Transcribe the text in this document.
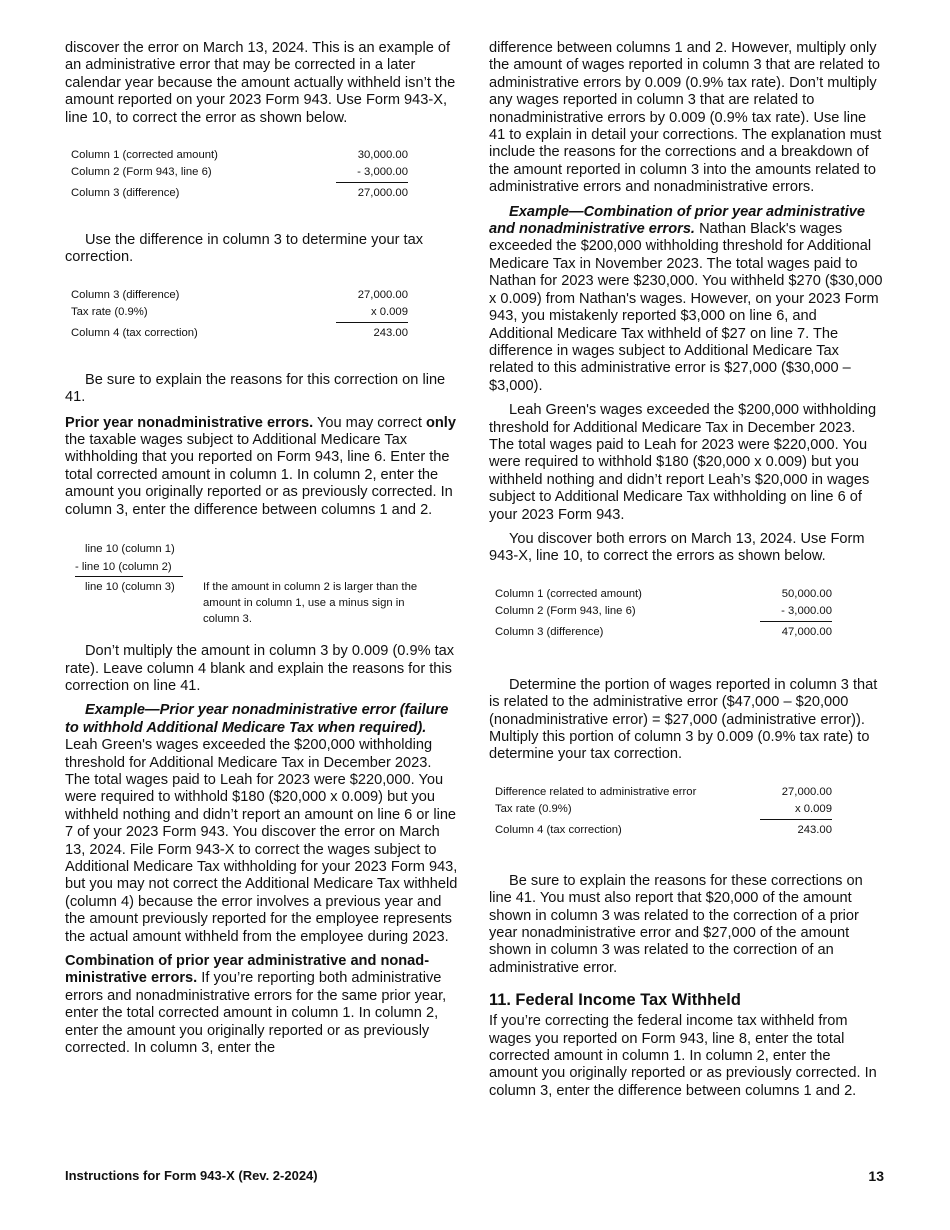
discover the error on March 13, 2024. This is an example of an administrative error that may be corrected in a later calendar year because the amount actually withheld isn’t the amount reported on your 2023 Form 943. Use Form 943-X, line 10, to correct the error as shown below.

Column 1 (corrected amount)	30,000.00
Column 2 (Form 943, line 6)	- 3,000.00
Column 3 (difference)	27,000.00

Use the difference in column 3 to determine your tax correction.

Column 3 (difference)	27,000.00
Tax rate (0.9%)	x 0.009
Column 4 (tax correction)	243.00

Be sure to explain the reasons for this correction on line 41.

Prior year nonadministrative errors. You may correct only the taxable wages subject to Additional Medicare Tax withholding that you reported on Form 943, line 6. Enter the total corrected amount in column 1. In column 2, enter the amount you originally reported or as previously corrected. In column 3, enter the difference between columns 1 and 2.

line 10 (column 1)
- line 10 (column 2)
line 10 (column 3) If the amount in column 2 is larger than the amount in column 1, use a minus sign in column 3.

Don’t multiply the amount in column 3 by 0.009 (0.9% tax rate). Leave column 4 blank and explain the reasons for this correction on line 41.

Example—Prior year nonadministrative error (failure to withhold Additional Medicare Tax when required). Leah Green's wages exceeded the $200,000 withholding threshold for Additional Medicare Tax in December 2023. The total wages paid to Leah for 2023 were $220,000. You were required to withhold $180 ($20,000 x 0.009) but you withheld nothing and didn’t report an amount on line 6 or line 7 of your 2023 Form 943. You discover the error on March 13, 2024. File Form 943-X to correct the wages subject to Additional Medicare Tax withholding for your 2023 Form 943, but you may not correct the Additional Medicare Tax withheld (column 4) because the error involves a previous year and the amount previously reported for the employee represents the actual amount withheld from the employee during 2023.

Combination of prior year administrative and nonad-ministrative errors. If you’re reporting both administrative errors and nonadministrative errors for the same prior year, enter the total corrected amount in column 1. In column 2, enter the amount you originally reported or as previously corrected. In column 3, enter the

difference between columns 1 and 2. However, multiply only the amount of wages reported in column 3 that are related to administrative errors by 0.009 (0.9% tax rate). Don’t multiply any wages reported in column 3 that are related to nonadministrative errors by 0.009 (0.9% tax rate). Use line 41 to explain in detail your corrections. The explanation must include the reasons for the corrections and a breakdown of the amount reported in column 3 into the amounts related to administrative errors and nonadministrative errors.

Example—Combination of prior year administrative and nonadministrative errors. Nathan Black's wages exceeded the $200,000 withholding threshold for Additional Medicare Tax in November 2023. The total wages paid to Nathan for 2023 were $230,000. You withheld $270 ($30,000 x 0.009) from Nathan's wages. However, on your 2023 Form 943, you mistakenly reported $3,000 on line 6, and Additional Medicare Tax withheld of $27 on line 7. The difference in wages subject to Additional Medicare Tax related to this administrative error is $27,000 ($30,000 – $3,000).

Leah Green's wages exceeded the $200,000 withholding threshold for Additional Medicare Tax in December 2023. The total wages paid to Leah for 2023 were $220,000. You were required to withhold $180 ($20,000 x 0.009) but you withheld nothing and didn’t report Leah’s $20,000 in wages subject to Additional Medicare Tax withholding on line 6 of your 2023 Form 943.

You discover both errors on March 13, 2024. Use Form 943-X, line 10, to correct the errors as shown below.

Column 1 (corrected amount)	50,000.00
Column 2 (Form 943, line 6)	- 3,000.00
Column 3 (difference)	47,000.00

Determine the portion of wages reported in column 3 that is related to the administrative error ($47,000 – $20,000 (nonadministrative error) = $27,000 (administrative error)). Multiply this portion of column 3 by 0.009 (0.9% tax rate) to determine your tax correction.

Difference related to administrative error	27,000.00
Tax rate (0.9%)	x 0.009
Column 4 (tax correction)	243.00

Be sure to explain the reasons for these corrections on line 41. You must also report that $20,000 of the amount shown in column 3 was related to the correction of a prior year nonadministrative error and $27,000 of the amount shown in column 3 was related to the correction of an administrative error.

11. Federal Income Tax Withheld

If you’re correcting the federal income tax withheld from wages you reported on Form 943, line 8, enter the total corrected amount in column 1. In column 2, enter the amount you originally reported or as previously corrected. In column 3, enter the difference between columns 1 and 2.

Instructions for Form 943-X (Rev. 2-2024)	13
